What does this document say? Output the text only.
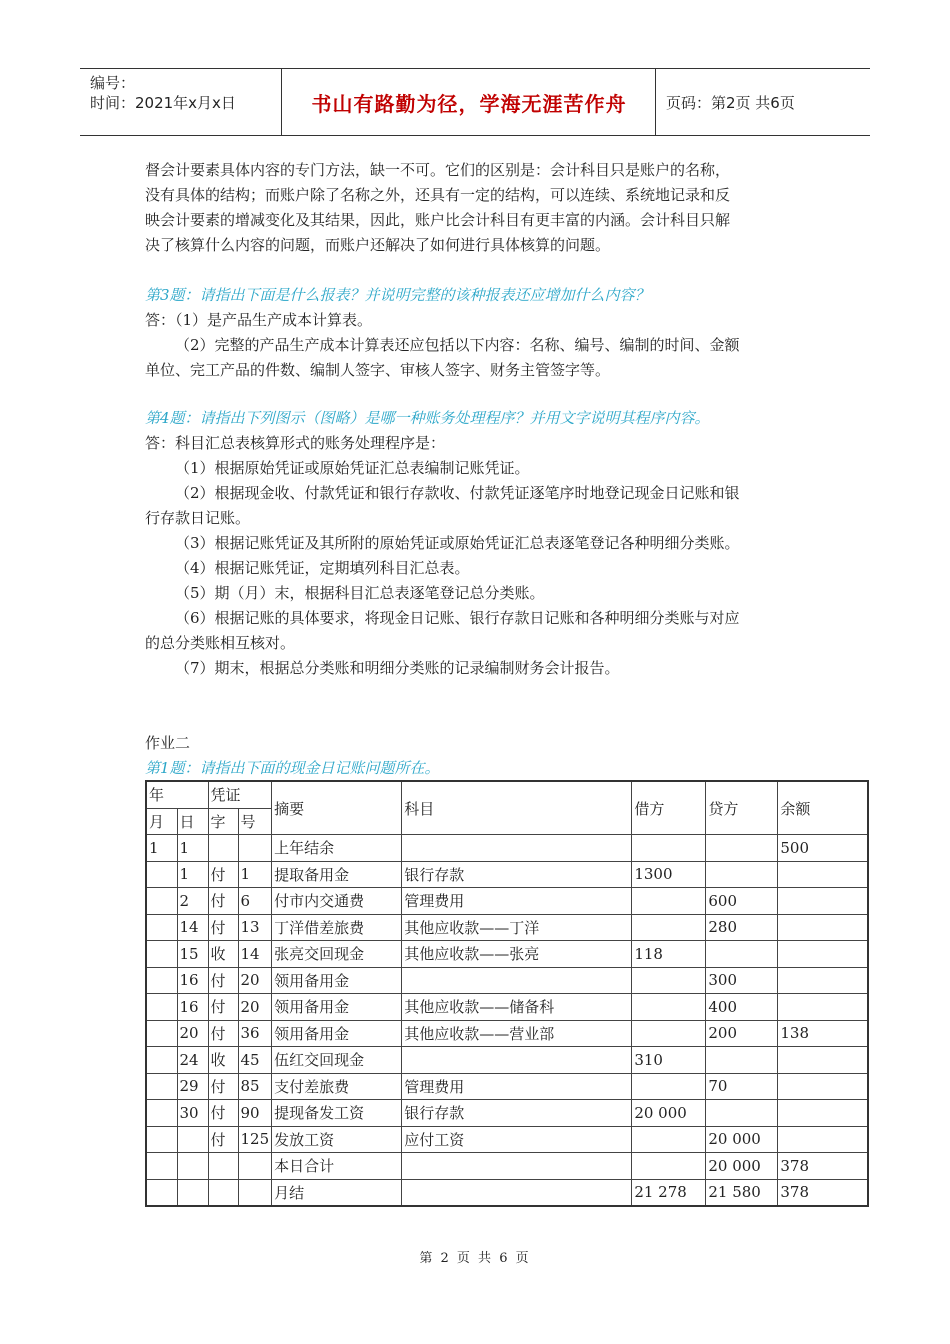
编号：
时间：2021年x月x日	书山有路勤为径，学海无涯苦作舟	页码：第2页 共6页

督会计要素具体内容的专门方法，缺一不可。它们的区别是：会计科目只是账户的名称，

没有具体的结构；而账户除了名称之外，还具有一定的结构，可以连续、系统地记录和反

映会计要素的增减变化及其结果，因此，账户比会计科目有更丰富的内涵。会计科目只解

决了核算什么内容的问题，而账户还解决了如何进行具体核算的问题。

第3题：请指出下面是什么报表？并说明完整的该种报表还应增加什么内容？

答：（1）是产品生产成本计算表。

（2）完整的产品生产成本计算表还应包括以下内容：名称、编号、编制的时间、金额

单位、完工产品的件数、编制人签字、审核人签字、财务主管签字等。

第4题：请指出下列图示（图略）是哪一种账务处理程序？并用文字说明其程序内容。

答：科目汇总表核算形式的账务处理程序是：

（1）根据原始凭证或原始凭证汇总表编制记账凭证。

（2）根据现金收、付款凭证和银行存款收、付款凭证逐笔序时地登记现金日记账和银

行存款日记账。

（3）根据记账凭证及其所附的原始凭证或原始凭证汇总表逐笔登记各种明细分类账。

（4）根据记账凭证，定期填列科目汇总表。

（5）期（月）末，根据科目汇总表逐笔登记总分类账。

（6）根据记账的具体要求，将现金日记账、银行存款日记账和各种明细分类账与对应

的总分类账相互核对。

（7）期末，根据总分类账和明细分类账的记录编制财务会计报告。

作业二

第1题：请指出下面的现金日记账问题所在。

年		凭证		摘要	科目	借方	贷方	余额
月	日	字	号					
1	1			上年结余				500
	1	付	1	提取备用金	银行存款	1300		
	2	付	6	付市内交通费	管理费用		600	
	14	付	13	丁洋借差旅费	其他应收款——丁洋		280	
	15	收	14	张亮交回现金	其他应收款——张亮	118		
	16	付	20	领用备用金			300	
	16	付	20	领用备用金	其他应收款——储备科		400	
	20	付	36	领用备用金	其他应收款——营业部		200	138
	24	收	45	伍红交回现金		310		
	29	付	85	支付差旅费	管理费用		70	
	30	付	90	提现备发工资	银行存款	20 000		
		付	125	发放工资	应付工资		20 000	
				本日合计			20 000	378
				月结		21 278	21 580	378
第 2 页 共 6 页
